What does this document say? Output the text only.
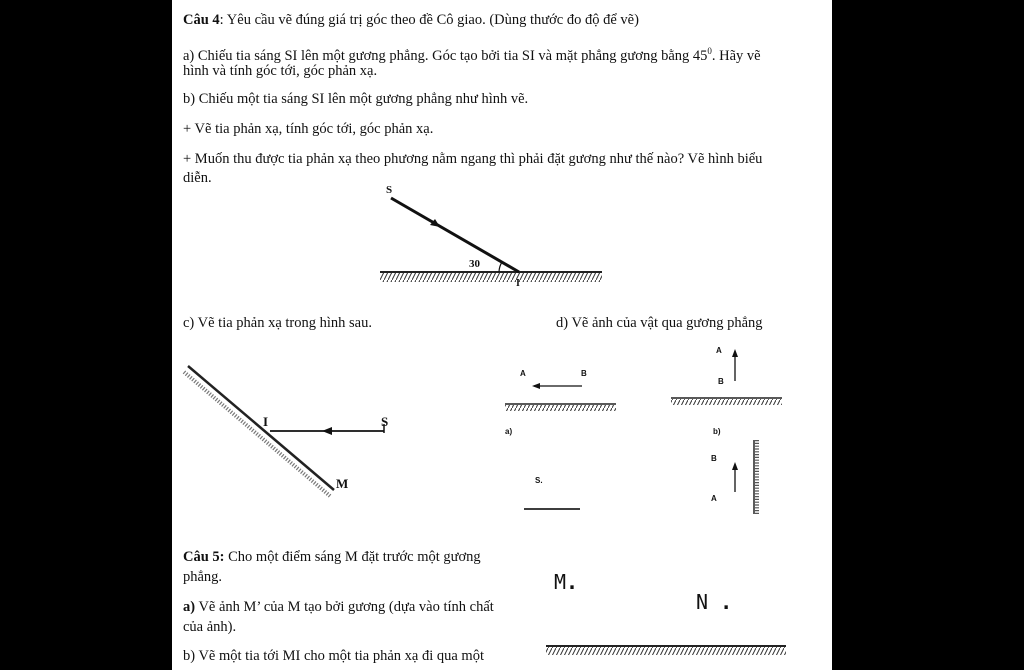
Câu 4: Yêu cầu vẽ đúng giá trị góc theo đề Cô giao. (Dùng thước đo độ để vẽ)
a) Chiếu tia sáng SI lên một gương phẳng. Góc tạo bởi tia SI và mặt phẳng gương bằng $45^0$. Hãy vẽ
hình và tính góc tới, góc phản xạ.
b) Chiếu một tia sáng SI lên một gương phẳng như hình vẽ.
+ Vẽ tia phản xạ, tính góc tới, góc phản xạ.
+ Muốn thu được tia phản xạ theo phương nằm ngang thì phải đặt gương như thế nào? Vẽ hình biểu
diễn.
S
30
I
c) Vẽ tia phản xạ trong hình sau.	d) Vẽ ảnh của vật qua gương phẳng
I	S
M
A	B
a)
A
B
b)
S.
B
A
Câu 5: Cho một điểm sáng M đặt trước một gương
phẳng.
a) Vẽ ảnh M’ của M tạo bởi gương (dựa vào tính chất
của ảnh).
b) Vẽ một tia tới MI cho một tia phản xạ đi qua một
M.
N .
